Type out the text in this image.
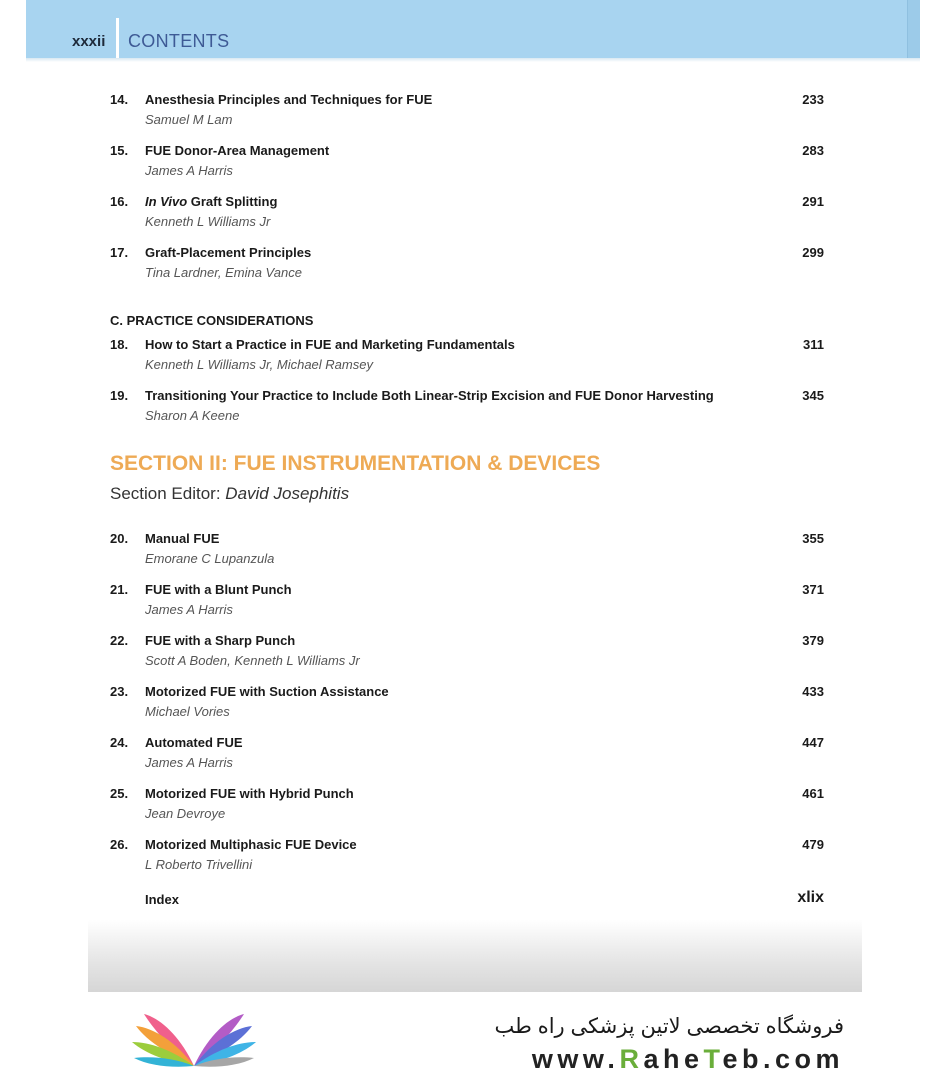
xxxii CONTENTS
14. Anesthesia Principles and Techniques for FUE
Samuel M Lam
233
15. FUE Donor-Area Management
James A Harris
283
16. In Vivo Graft Splitting
Kenneth L Williams Jr
291
17. Graft-Placement Principles
Tina Lardner, Emina Vance
299
C. PRACTICE CONSIDERATIONS
18. How to Start a Practice in FUE and Marketing Fundamentals
Kenneth L Williams Jr, Michael Ramsey
311
19. Transitioning Your Practice to Include Both Linear-Strip Excision and FUE Donor Harvesting
Sharon A Keene
345
SECTION II: FUE INSTRUMENTATION & DEVICES
Section Editor: David Josephitis
20. Manual FUE
Emorane C Lupanzula
355
21. FUE with a Blunt Punch
James A Harris
371
22. FUE with a Sharp Punch
Scott A Boden, Kenneth L Williams Jr
379
23. Motorized FUE with Suction Assistance
Michael Vories
433
24. Automated FUE
James A Harris
447
25. Motorized FUE with Hybrid Punch
Jean Devroye
461
26. Motorized Multiphasic FUE Device
L Roberto Trivellini
479
Index	xlix
فروشگاه تخصصی لاتین پزشکی راه طب
www.RaheTeb.com
